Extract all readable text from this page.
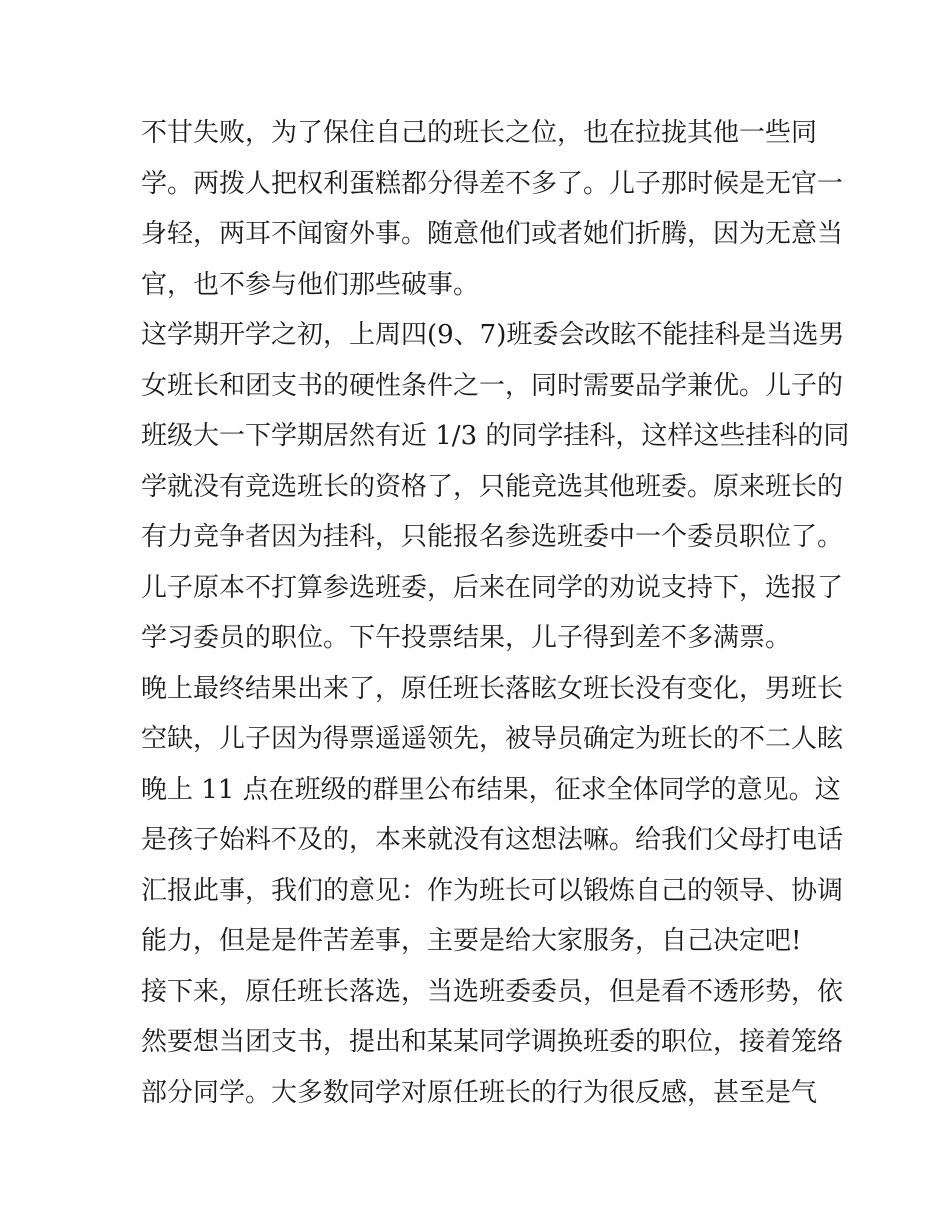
不甘失败，为了保住自己的班长之位，也在拉拢其他一些同
学。两拨人把权利蛋糕都分得差不多了。儿子那时候是无官一
身轻，两耳不闻窗外事。随意他们或者她们折腾，因为无意当
官，也不参与他们那些破事。
这学期开学之初，上周四(9、7)班委会改眩不能挂科是当选男
女班长和团支书的硬性条件之一，同时需要品学兼优。儿子的
班级大一下学期居然有近 1/3 的同学挂科，这样这些挂科的同
学就没有竞选班长的资格了，只能竞选其他班委。原来班长的
有力竞争者因为挂科，只能报名参选班委中一个委员职位了。
儿子原本不打算参选班委，后来在同学的劝说支持下，选报了
学习委员的职位。下午投票结果，儿子得到差不多满票。
晚上最终结果出来了，原任班长落眩女班长没有变化，男班长
空缺，儿子因为得票遥遥领先，被导员确定为班长的不二人眩
晚上 11 点在班级的群里公布结果，征求全体同学的意见。这
是孩子始料不及的，本来就没有这想法嘛。给我们父母打电话
汇报此事，我们的意见：作为班长可以锻炼自己的领导、协调
能力，但是是件苦差事，主要是给大家服务，自己决定吧!
接下来，原任班长落选，当选班委委员，但是看不透形势，依
然要想当团支书，提出和某某同学调换班委的职位，接着笼络
部分同学。大多数同学对原任班长的行为很反感，甚至是气
